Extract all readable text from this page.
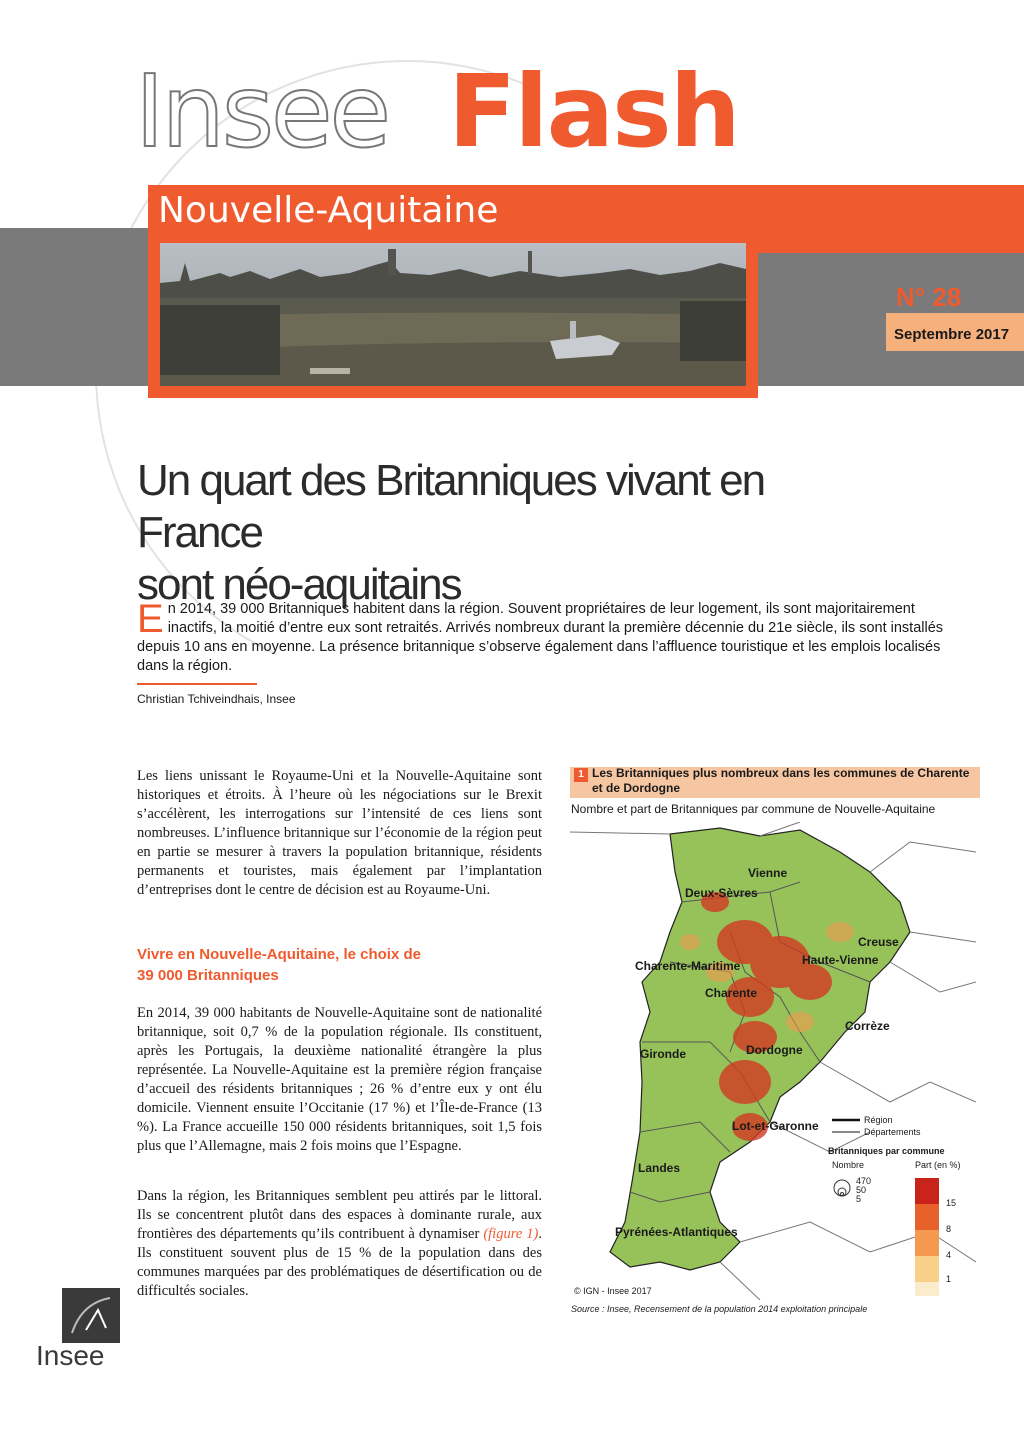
Insee Flash
Nouvelle-Aquitaine
N° 28
Septembre 2017
Un quart des Britanniques vivant en France
sont néo-aquitains
En 2014, 39 000 Britanniques habitent dans la région. Souvent propriétaires de leur logement, ils sont majoritairement inactifs, la moitié d’entre eux sont retraités. Arrivés nombreux durant la première décennie du 21e siècle, ils sont installés depuis 10 ans en moyenne. La présence britannique s’observe également dans l’affluence touristique et les emplois localisés dans la région.
Christian Tchiveindhais, Insee

Les liens unissant le Royaume-Uni et la Nouvelle-Aquitaine sont historiques et étroits. À l’heure où les négociations sur le Brexit s’accélèrent, les interrogations sur l’intensité de ces liens sont nombreuses. L’influence britannique sur l’économie de la région peut en partie se mesurer à travers la population britannique, résidents permanents et touristes, mais également par l’implantation d’entreprises dont le centre de décision est au Royaume-Uni.

Vivre en Nouvelle-Aquitaine, le choix de
39 000 Britanniques

En 2014, 39 000 habitants de Nouvelle-Aquitaine sont de nationalité britannique, soit 0,7 % de la population régionale. Ils constituent, après les Portugais, la deuxième nationalité étrangère la plus représentée. La Nouvelle-Aquitaine est la première région française d’accueil des résidents britanniques ; 26 % d’entre eux y ont élu domicile. Viennent ensuite l’Occitanie (17 %) et l’Île-de-France (13 %). La France accueille 150 000 résidents britanniques, soit 1,5 fois plus que l’Allemagne, mais 2 fois moins que l’Espagne.

Dans la région, les Britanniques semblent peu attirés par le littoral. Ils se concentrent plutôt dans des espaces à dominante rurale, aux frontières des départements qu’ils contribuent à dynamiser (figure 1). Ils constituent souvent plus de 15 % de la population dans des communes marquées par des problématiques de désertification ou de difficultés sociales.

1 Les Britanniques plus nombreux dans les communes de Charente et de Dordogne
Nombre et part de Britanniques par commune de Nouvelle-Aquitaine
Vienne
Deux-Sèvres
Creuse
Haute-Vienne
Charente-Maritime
Charente
Corrèze
Gironde	Dordogne
Lot-et-Garonne
Landes
Pyrénées-Atlantiques
Région
Départements
Britanniques par commune
Nombre	Part (en %)
470
50
5	15
8
4
1
© IGN - Insee 2017
Source : Insee, Recensement de la population 2014 exploitation principale
Insee
